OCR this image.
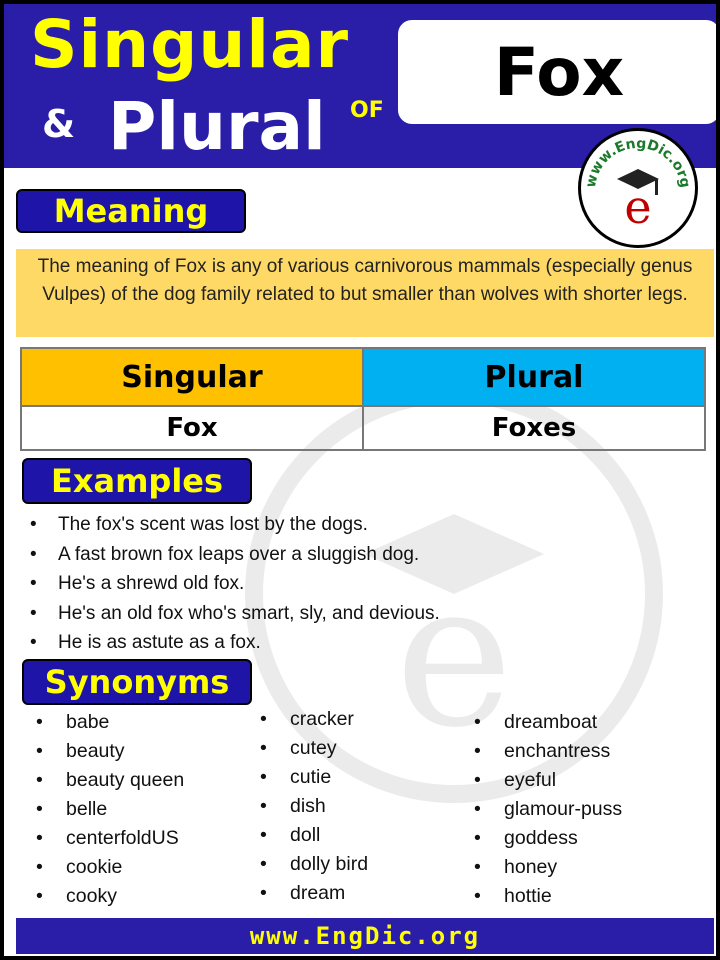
Singular
& Plural OF Fox
www.EngDic.org
e
e
Meaning
The meaning of Fox is any of various carnivorous mammals (especially genus Vulpes) of the dog family related to but smaller than wolves with shorter legs.
Singular	Plural
Fox	Foxes
Examples
• The fox's scent was lost by the dogs.
• A fast brown fox leaps over a sluggish dog.
• He's a shrewd old fox.
• He's an old fox who's smart, sly, and devious.
• He is as astute as a fox.
Synonyms
• babe
• beauty
• beauty queen
• belle
• centerfoldUS
• cookie
• cooky
• cracker
• cutey
• cutie
• dish
• doll
• dolly bird
• dream
• dreamboat
• enchantress
• eyeful
• glamour-puss
• goddess
• honey
• hottie
www.EngDic.org
